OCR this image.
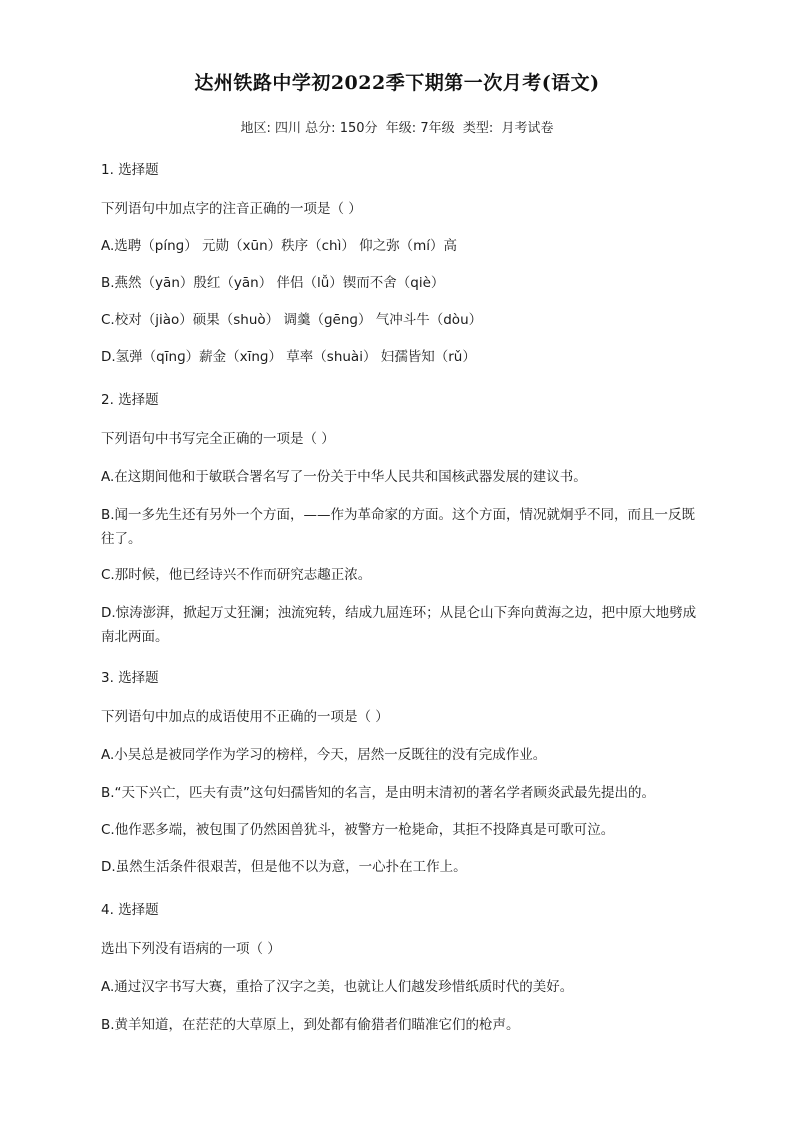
达州铁路中学初2022季下期第一次月考(语文)
地区: 四川 总分: 150分 年级: 7年级 类型: 月考试卷
1. 选择题
下列语句中加点字的注音正确的一项是（ ）
A.选聘（pínɡ） 元勋（xūn）秩序（chì） 仰之弥（mí）高
B.燕然（yān）殷红（yān） 伴侣（lǚ）锲而不舍（qiè）
C.校对（jiào）硕果（shuò） 调羹（ɡēnɡ） 气冲斗牛（dòu）
D.氢弹（qīnɡ）薪金（xīnɡ） 草率（shuài） 妇孺皆知（rǔ）
2. 选择题
下列语句中书写完全正确的一项是（ ）
A.在这期间他和于敏联合署名写了一份关于中华人民共和国核武器发展的建议书。
B.闻一多先生还有另外一个方面，——作为革命家的方面。这个方面，情况就炯乎不同，而且一反既往了。
C.那时候，他已经诗兴不作而研究志趣正浓。
D.惊涛澎湃，掀起万丈狂澜；浊流宛转，结成九屈连环；从昆仑山下奔向黄海之边，把中原大地劈成南北两面。
3. 选择题
下列语句中加点的成语使用不正确的一项是（ ）
A.小吴总是被同学作为学习的榜样，今天，居然一反既往的没有完成作业。
B.“天下兴亡，匹夫有责”这句妇孺皆知的名言，是由明末清初的著名学者顾炎武最先提出的。
C.他作恶多端，被包围了仍然困兽犹斗，被警方一枪毙命，其拒不投降真是可歌可泣。
D.虽然生活条件很艰苦，但是他不以为意，一心扑在工作上。
4. 选择题
选出下列没有语病的一项（ ）
A.通过汉字书写大赛，重拾了汉字之美，也就让人们越发珍惜纸质时代的美好。
B.黄羊知道，在茫茫的大草原上，到处都有偷猎者们瞄准它们的枪声。
